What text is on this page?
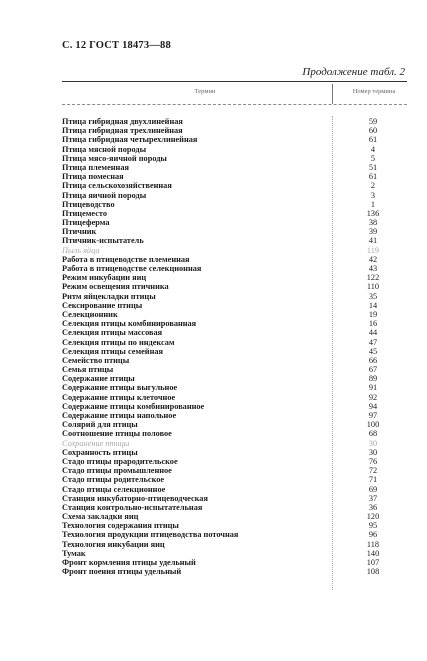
С. 12 ГОСТ 18473—88
Продолжение табл. 2
Термин	Номер термина
Птица гибридная двухлинейная	59
Птица гибридная трехлинейная	60
Птица гибридная четырехлинейная	61
Птица мясной породы	4
Птица мясо-яичной породы	5
Птица племенная	51
Птица помесная	61
Птица сельскохозяйственная	2
Птица яичной породы	3
Птицеводство	1
Птицеместо	136
Птицеферма	38
Птичник	39
Птичник-испытатель	41
Пыль яйца	119
Работа в птицеводстве племенная	42
Работа в птицеводстве селекционная	43
Режим инкубации яиц	122
Режим освещения птичника	110
Ритм яйцекладки птицы	35
Сексирование птицы	14
Селекционник	19
Селекция птицы комбинированная	16
Селекция птицы массовая	44
Селекция птицы по индексам	47
Селекция птицы семейная	45
Семейство птицы	66
Семья птицы	67
Содержание птицы	89
Содержание птицы выгульное	91
Содержание птицы клеточное	92
Содержание птицы комбинированное	94
Содержание птицы напольное	97
Солярий для птицы	100
Соотношение птицы половое	68
Сохранение птицы	30
Сохранность птицы	30
Стадо птицы прародительское	76
Стадо птицы промышленное	72
Стадо птицы родительское	71
Стадо птицы селекционное	69
Станция инкубаторно-птицеводческая	37
Станция контрольно-испытательная	36
Схема закладки яиц	120
Технология содержания птицы	95
Технология продукции птицеводства поточная	96
Технология инкубации яиц	118
Тумак	140
Фронт кормления птицы удельный	107
Фронт поения птицы удельный	108
